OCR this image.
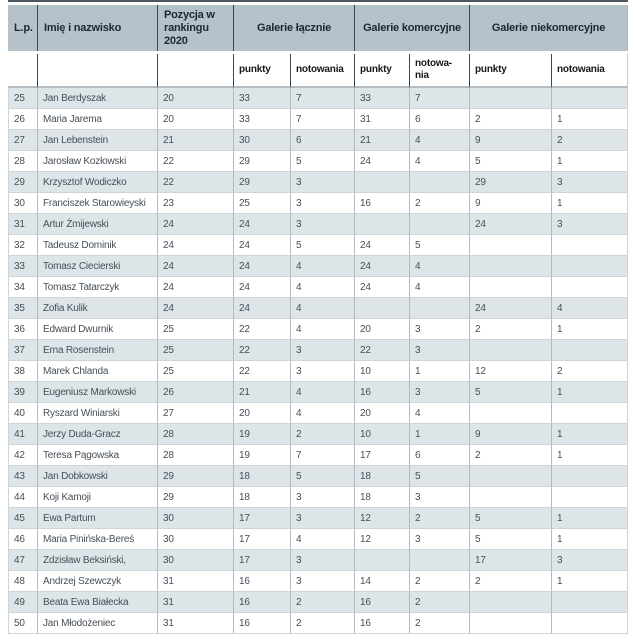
L.p.	Imię i nazwisko	Pozycja w rankingu 2020	Galerie łącznie		Galerie komercyjne		Galerie niekomercyjne	

			punkty	notowania	punkty	notowa-nia	punkty	notowania
25	Jan Berdyszak	20	33	7	33	7		
26	Maria Jarema	20	33	7	31	6	2	1
27	Jan Lebenstein	21	30	6	21	4	9	2
28	Jarosław Kozłowski	22	29	5	24	4	5	1
29	Krzysztof Wodiczko	22	29	3			29	3
30	Franciszek Starowieyski	23	25	3	16	2	9	1
31	Artur Żmijewski	24	24	3			24	3
32	Tadeusz Dominik	24	24	5	24	5		
33	Tomasz Ciecierski	24	24	4	24	4		
34	Tomasz Tatarczyk	24	24	4	24	4		
35	Zofia Kulik	24	24	4			24	4
36	Edward Dwurnik	25	22	4	20	3	2	1
37	Erna Rosenstein	25	22	3	22	3		
38	Marek Chlanda	25	22	3	10	1	12	2
39	Eugeniusz Markowski	26	21	4	16	3	5	1
40	Ryszard Winiarski	27	20	4	20	4		
41	Jerzy Duda-Gracz	28	19	2	10	1	9	1
42	Teresa Pągowska	28	19	7	17	6	2	1
43	Jan Dobkowski	29	18	5	18	5		
44	Koji Kamoji	29	18	3	18	3		
45	Ewa Partum	30	17	3	12	2	5	1
46	Maria Pinińska-Bereś	30	17	4	12	3	5	1
47	Zdzisław Beksiński,	30	17	3			17	3
48	Andrzej Szewczyk	31	16	3	14	2	2	1
49	Beata Ewa Białecka	31	16	2	16	2		
50	Jan Młodożeniec	31	16	2	16	2		
